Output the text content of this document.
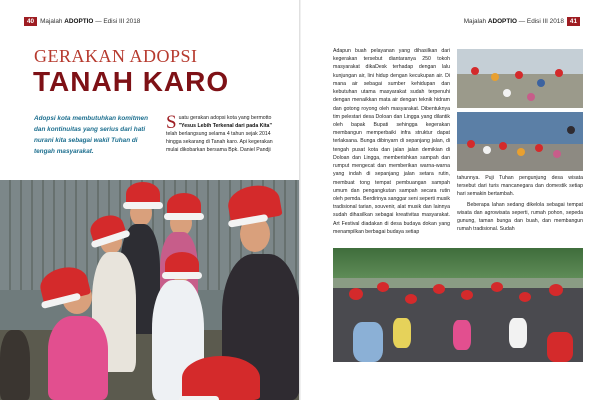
40 Majalah ADOPTIO — Edisi III 2018
GERAKAN ADOPSI
TANAH KARO
Adopsi kota membutuhkan komitmen dan kontinuitas yang serius dari hati nurani kita sebagai wakil Tuhan di tengah masyarakat.
Suatu gerakan adopsi kota yang bermotto "Yesus Lebih Terkenal dari pada Kita" telah berlangsung selama 4 tahun sejak 2014 hingga sekarang di Tanah karo. Api kegerakan mulai dikobarkan bersama Bpk. Daniel Pandji
Majalah ADOPTIO — Edisi III 2018 41
Adapun buah pelayanan yang dihasilkan dari kegerakan tersebut diantaranya 250 tokoh masyarakat dikaDesk terhadap dengan lalu kunjungan air, lini hidup dengan kecukupan air. Di mana air sebagai sumber kehidupan dan kebutuhan utama masyarakat sudah terpenuhi dengan menaikkan mata air dengan teknik hidram dan gotong royong oleh masyarakat. Dibentuknya tim pelestari desa Doloan dan Lingga yang dilantik oleh bapak Bupati sehingga kegerakan membangun memperbaiki infra struktur dapat terlaksana. Bunga dibinyarn di sepanjang jalan, di tengah pusat kota dan jalan jalan demikian di Doloan dan Lingga, memberishkan sampah dan rumput mengecat dan memberikan warna-warna yang indah di sepanjang jalan setara rutin, membuat tong tempat pembuangan sampah umum dan pengangkutan sampah secara rutin oleh pemda. Berdirinya sanggar seni seperti musik tradisional tarian, souvenir, alat musik dan lainnya sudah dihasilkan sebagai kreativitas masyarakat. Art Festival diadakan di desa budaya dokan yang menampilkan berbagai budaya setiap

tahunnya. Puji Tuhan pengunjung desa wisata tersebut dari turis mancanegara dan domestik setiap hari semakin bertambah.

Beberapa lahan sedang dikelola sebagai tempat wisata dan agrowisata seperti, rumah pohon, sepeda gunung, taman bunga dan buah, dan membangun rumah tradisional. Sudah
